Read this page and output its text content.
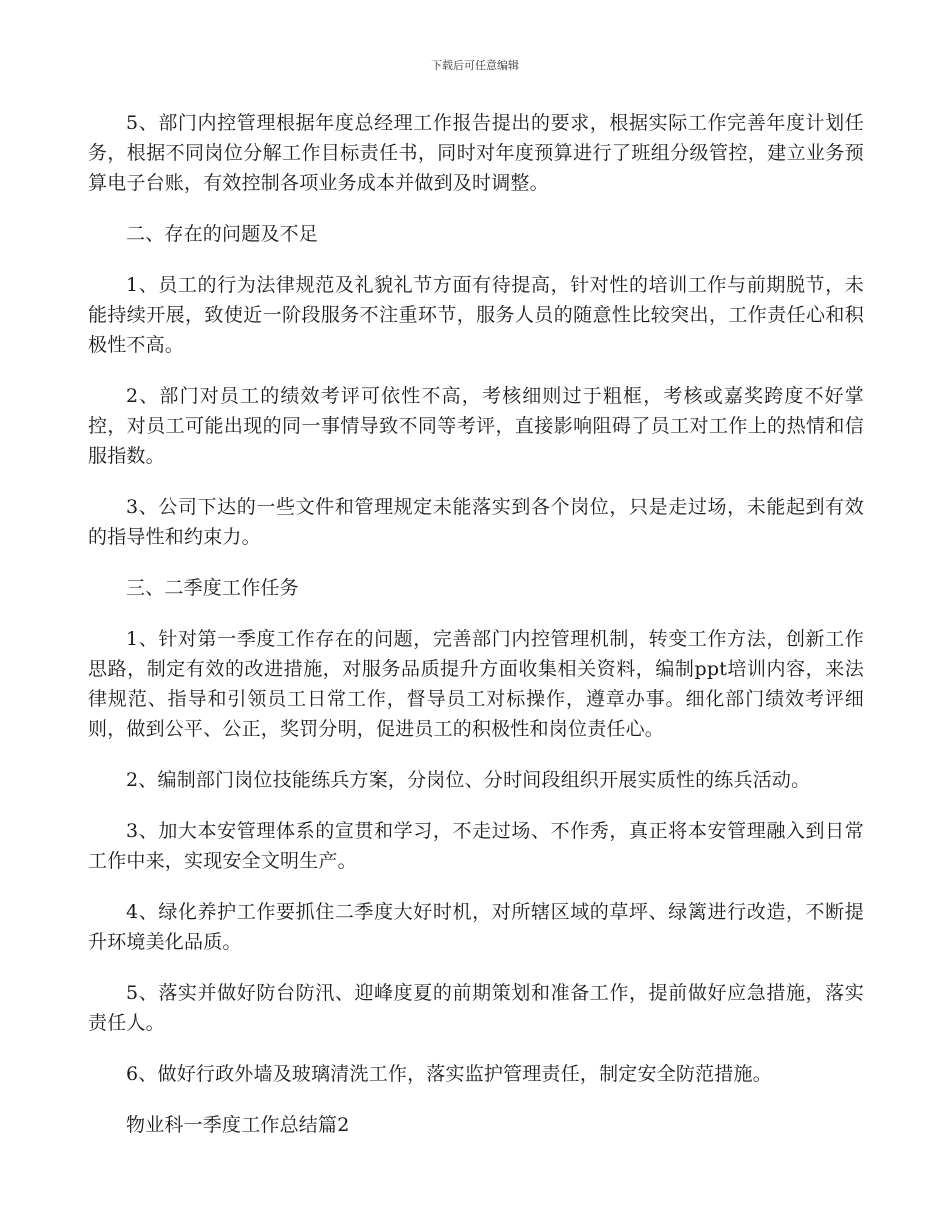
下载后可任意编辑

5、部门内控管理根据年度总经理工作报告提出的要求，根据实际工作完善年度计划任务，根据不同岗位分解工作目标责任书，同时对年度预算进行了班组分级管控，建立业务预算电子台账，有效控制各项业务成本并做到及时调整。

二、存在的问题及不足

1、员工的行为法律规范及礼貌礼节方面有待提高，针对性的培训工作与前期脱节，未能持续开展，致使近一阶段服务不注重环节，服务人员的随意性比较突出，工作责任心和积极性不高。

2、部门对员工的绩效考评可依性不高，考核细则过于粗框，考核或嘉奖跨度不好掌控，对员工可能出现的同一事情导致不同等考评，直接影响阻碍了员工对工作上的热情和信服指数。

3、公司下达的一些文件和管理规定未能落实到各个岗位，只是走过场，未能起到有效的指导性和约束力。

三、二季度工作任务

1、针对第一季度工作存在的问题，完善部门内控管理机制，转变工作方法，创新工作思路，制定有效的改进措施，对服务品质提升方面收集相关资料，编制ppt培训内容，来法律规范、指导和引领员工日常工作，督导员工对标操作，遵章办事。细化部门绩效考评细则，做到公平、公正，奖罚分明，促进员工的积极性和岗位责任心。

2、编制部门岗位技能练兵方案，分岗位、分时间段组织开展实质性的练兵活动。

3、加大本安管理体系的宣贯和学习，不走过场、不作秀，真正将本安管理融入到日常工作中来，实现安全文明生产。

4、绿化养护工作要抓住二季度大好时机，对所辖区域的草坪、绿篱进行改造，不断提升环境美化品质。

5、落实并做好防台防汛、迎峰度夏的前期策划和准备工作，提前做好应急措施，落实责任人。

6、做好行政外墙及玻璃清洗工作，落实监护管理责任，制定安全防范措施。

物业科一季度工作总结篇2
